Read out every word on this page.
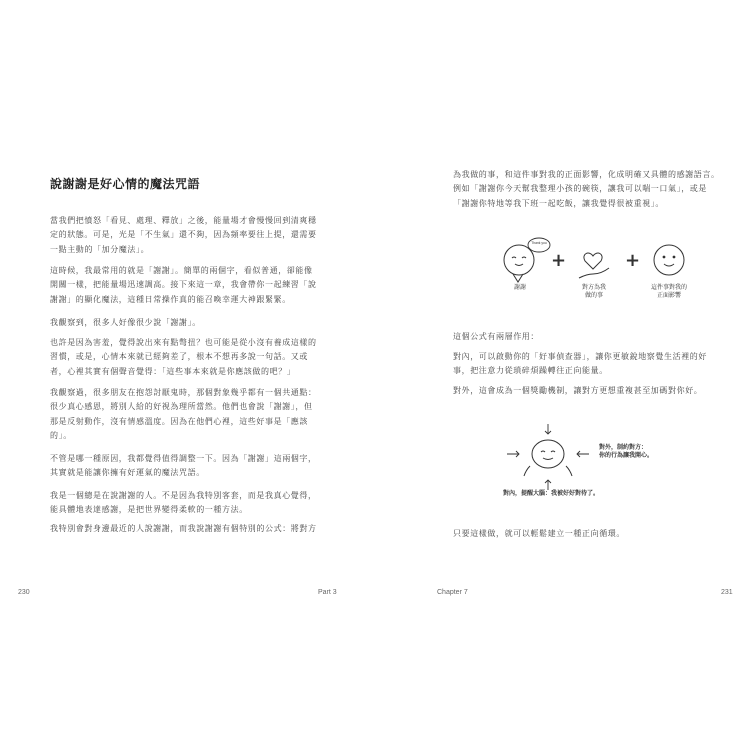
說謝謝是好心情的魔法咒語

當我們把憤怒「看見、處理、釋放」之後，能量場才會慢慢回到清爽穩
定的狀態。可是，光是「不生氣」還不夠，因為頻率要往上提，還需要
一點主動的「加分魔法」。

這時候，我最常用的就是「謝謝」。簡單的兩個字，看似普通，卻能像
開關一樣，把能量場迅速調高。接下來這一章，我會帶你一起練習「說
謝謝」的顯化魔法，這種日常操作真的能召喚幸運大神跟緊緊。

我觀察到，很多人好像很少說「謝謝」。

也許是因為害羞，覺得說出來有點彆扭？也可能是從小沒有養成這樣的
習慣，或是，心情本來就已經夠差了，根本不想再多說一句話。又或
者，心裡其實有個聲音覺得：「這些事本來就是你應該做的吧？」

我觀察過，很多朋友在抱怨討厭鬼時，那個對象幾乎都有一個共通點：
很少真心感恩，將別人給的好視為理所當然。他們也會說「謝謝」，但
那是反射動作，沒有情感溫度。因為在他們心裡，這些好事是「應該
的」。

不管是哪一種原因，我都覺得值得調整一下。因為「謝謝」這兩個字，
其實就是能讓你擁有好運氣的魔法咒語。

我是一個總是在說謝謝的人。不是因為我特別客套，而是我真心覺得，
能具體地表達感謝，是把世界變得柔軟的一種方法。

我特別會對身邊最近的人說謝謝，而我說謝謝有個特別的公式：將對方

230	Part 3

為我做的事，和這件事對我的正面影響，化成明確又具體的感謝語言。
例如「謝謝你今天幫我整理小孩的碗筷，讓我可以喘一口氣」，或是
「謝謝你特地等我下班一起吃飯，讓我覺得很被重視」。

Thank you
+	+
謝謝	對方為我
做的事
這件事對我的
正面影響

這個公式有兩層作用：

對內，可以啟動你的「好事偵查器」，讓你更敏銳地察覺生活裡的好
事，把注意力從瑣碎煩躁轉往正向能量。

對外，這會成為一個獎勵機制，讓對方更想重複甚至加碼對你好。

對外，制約對方：
你的行為讓我開心。
對內，提醒大腦：我被好好對待了。

只要這樣做，就可以輕鬆建立一種正向循環。

Chapter 7	231
